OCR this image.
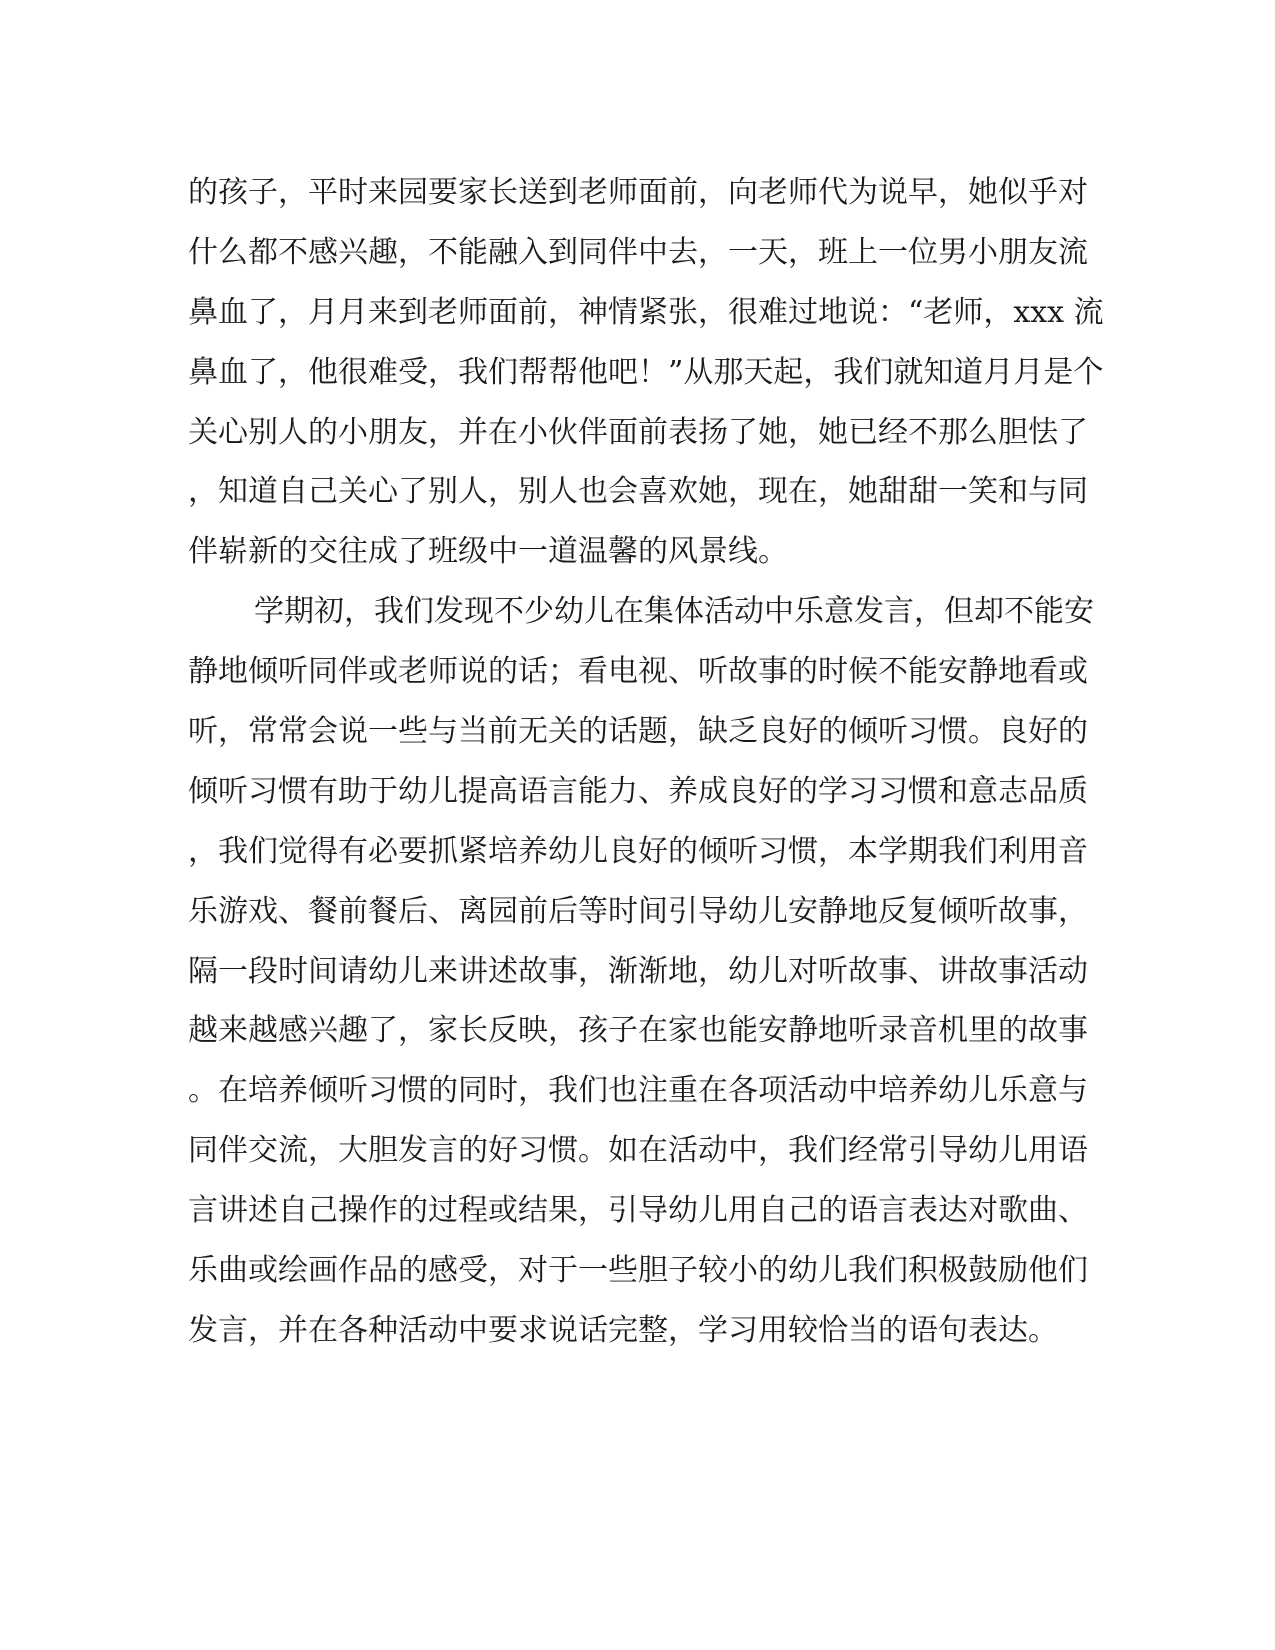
的孩子，平时来园要家长送到老师面前，向老师代为说早，她似乎对
什么都不感兴趣，不能融入到同伴中去，一天，班上一位男小朋友流
鼻血了，月月来到老师面前，神情紧张，很难过地说：“老师，xxx 流
鼻血了，他很难受，我们帮帮他吧！”从那天起，我们就知道月月是个
关心别人的小朋友，并在小伙伴面前表扬了她，她已经不那么胆怯了
，知道自己关心了别人，别人也会喜欢她，现在，她甜甜一笑和与同
伴崭新的交往成了班级中一道温馨的风景线。
学期初，我们发现不少幼儿在集体活动中乐意发言，但却不能安
静地倾听同伴或老师说的话；看电视、听故事的时候不能安静地看或
听，常常会说一些与当前无关的话题，缺乏良好的倾听习惯。良好的
倾听习惯有助于幼儿提高语言能力、养成良好的学习习惯和意志品质
，我们觉得有必要抓紧培养幼儿良好的倾听习惯，本学期我们利用音
乐游戏、餐前餐后、离园前后等时间引导幼儿安静地反复倾听故事，
隔一段时间请幼儿来讲述故事，渐渐地，幼儿对听故事、讲故事活动
越来越感兴趣了，家长反映，孩子在家也能安静地听录音机里的故事
。在培养倾听习惯的同时，我们也注重在各项活动中培养幼儿乐意与
同伴交流，大胆发言的好习惯。如在活动中，我们经常引导幼儿用语
言讲述自己操作的过程或结果，引导幼儿用自己的语言表达对歌曲、
乐曲或绘画作品的感受，对于一些胆子较小的幼儿我们积极鼓励他们
发言，并在各种活动中要求说话完整，学习用较恰当的语句表达。
